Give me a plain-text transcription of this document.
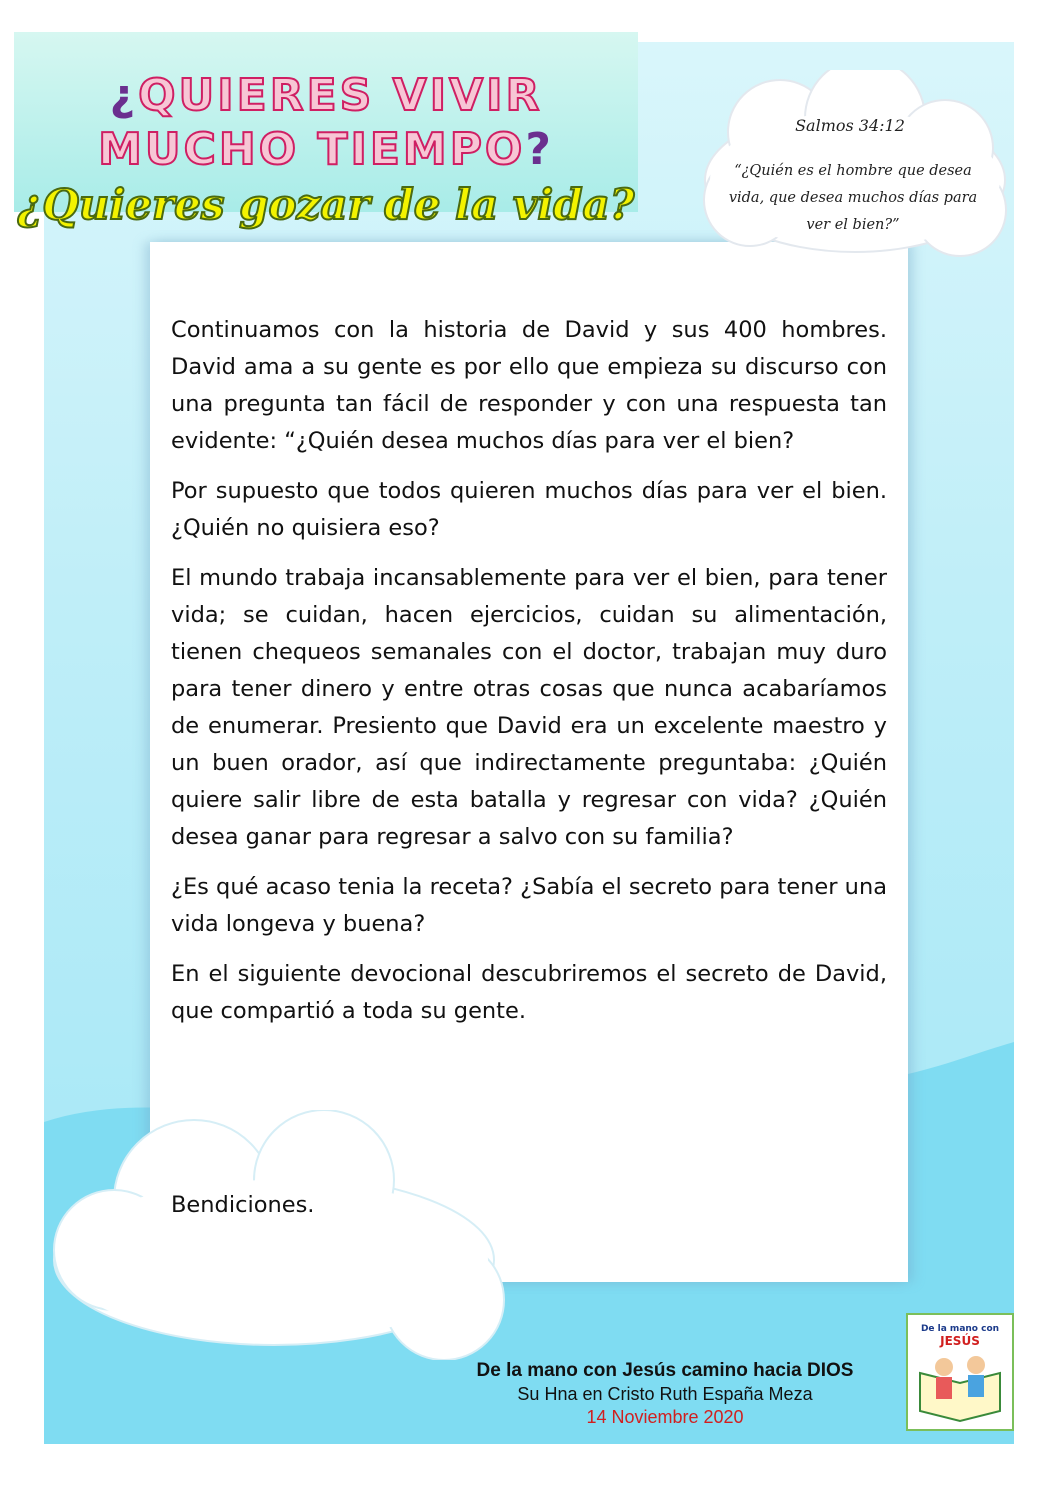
¿QUIERES VIVIR
MUCHO TIEMPO?
¿Quieres gozar de la vida?
Salmos 34:12
“¿Quién es el hombre que desea vida, que desea muchos días para ver el bien?”

Continuamos con la historia de David y sus 400 hombres. David ama a su gente es por ello que empieza su discurso con una pregunta tan fácil de responder y con una respuesta tan evidente: “¿Quién desea muchos días para ver el bien?

Por supuesto que todos quieren muchos días para ver el bien. ¿Quién no quisiera eso?

El mundo trabaja incansablemente para ver el bien, para tener vida; se cuidan, hacen ejercicios, cuidan su alimentación, tienen chequeos semanales con el doctor, trabajan muy duro para tener dinero y entre otras cosas que nunca acabaríamos de enumerar. Presiento que David era un excelente maestro y un buen orador, así que indirectamente preguntaba: ¿Quién quiere salir libre de esta batalla y regresar con vida? ¿Quién desea ganar para regresar a salvo con su familia?

¿Es qué acaso tenia la receta? ¿Sabía el secreto para tener una vida longeva y buena?

En el siguiente devocional descubriremos el secreto de David, que compartió a toda su gente.

Bendiciones.
De la mano con Jesús camino hacia DIOS
Su Hna en Cristo Ruth España Meza
14 Noviembre 2020
De la mano con
JESÚS
